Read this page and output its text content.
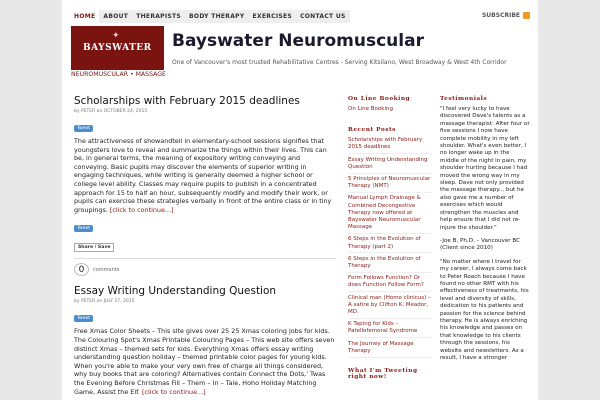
HOME	ABOUT	THERAPISTS	BODY THERAPY	EXERCISES	CONTACT US	SUBSCRIBE
✦
BAYSWATER
NEUROMUSCULAR • MASSAGE
Bayswater Neuromuscular
One of Vancouver's most trusted Rehabilitative Centres - Serving Kitsilano, West Broadway & West 4th Corridor
Scholarships with February 2015 deadlines
by PETER on OCTOBER 24, 2015
Tweet
The attractiveness of showandtell in elementary-school sessions signifies that youngsters love to reveal and summarize the things within their lives. This can be, in general terms, the meaning of expository writing conveying and conveying. Basic pupils may discover the elements of superior writing in engaging techniques, while writing is generally deemed a higher school or college level ability. Classes may require pupils to publish in a concentrated approach for 15 to half an hour, subsequently modify and modify their work, or pupils can exercise these strategies verbally in front of the entire class or in tiny groupings. [click to continue...]
Tweet
Share / Save
0	comments
Essay Writing Understanding Question
by PETER on JULY 27, 2015
Tweet
Free Xmas Color Sheets – This site gives over 25 25 Xmas coloring jobs for kids. The Colouring Spot's Xmas Printable Colouring Pages – This web site offers seven distinct Xmas – themed sets for kids. Everything Xmas offers essay writing understanding question holiday – themed printable color pages for young kids. When you're able to make your very own free of charge all things considered, why buy books that are coloring? Alternatives contain Connect the Dots,' Twas the Evening Before Christmas Fill – Them – In – Tale, Hoho Holiday Matching Game, Assist the Elf. [click to continue...]
On Line Booking
On Line Booking
Recent Posts
Scholarships with February 2015 deadlines
Essay Writing Understanding Question
5 Principles of Neuromuscular Therapy (NMT)
Manual Lymph Drainage & Combined Decongestive Therapy now offered at Bayswater Neuromuscular Massage
6 Steps in the Evolution of Therapy (part 2)
6 Steps in the Evolution of Therapy
Form Follows Function? Or does Function Follow Form?
Clinical man (Homo clinicus) – A satire by Clifton K. Meador, MD.
K Taping for Kids – Patellofemoral Syndrome
The Journey of Massage Therapy
What I'm Tweeting right now!
Testimonials
"I feel very lucky to have discovered Dave's talents as a massage therapist: After four or five sessions I now have complete mobility in my left shoulder. What's even better, I no longer wake up in the middle of the night in pain, my shoulder hurting because I had moved the wrong way in my sleep. Dave not only provided the massage therapy... but he also gave me a number of exercises which would strengthen the muscles and help ensure that I did not re-injure the shoulder."
-Joe B, Ph.D. – Vancouver BC (Client since 2010)
"No matter where I travel for my career, I always come back to Peter Roach because I have found no other RMT with his effectiveness of treatments, his level and diversity of skills, dedication to his patients and passion for the science behind therapy. He is always enriching his knowledge and passes on that knowledge to his clients through the sessions, his website and newsletters. As a result, I have a stronger
